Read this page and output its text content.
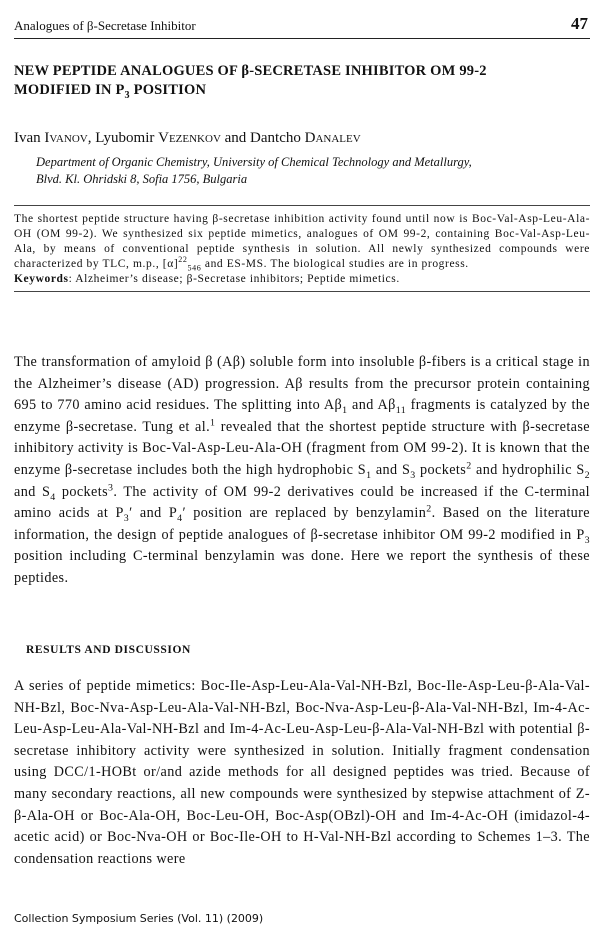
Analogues of β-Secretase Inhibitor	47
NEW PEPTIDE ANALOGUES OF β-SECRETASE INHIBITOR OM 99-2
MODIFIED IN $P_3$ POSITION
Ivan Ivanov, Lyubomir Vezenkov and Dantcho Danalev
Department of Organic Chemistry, University of Chemical Technology and Metallurgy,
Blvd. Kl. Ohridski 8, Sofia 1756, Bulgaria

The shortest peptide structure having β-secretase inhibition activity found until now is Boc-Val-Asp-Leu-Ala-OH (OM 99-2). We synthesized six peptide mimetics, analogues of OM 99-2, containing Boc-Val-Asp-Leu-Ala, by means of conventional peptide synthesis in solution. All newly synthesized compounds were characterized by TLC, m.p., $[\alpha]^{22}_{546}$ and ES-MS. The biological studies are in progress.

Keywords: Alzheimer’s disease; β-Secretase inhibitors; Peptide mimetics.

The transformation of amyloid β (Aβ) soluble form into insoluble β-fibers is a critical stage in the Alzheimer’s disease (AD) progression. Aβ results from the precursor protein containing 695 to 770 amino acid residues. The splitting into $A\beta_1$ and $A\beta_{11}$ fragments is catalyzed by the enzyme β-secretase. Tung et al.$^1$ revealed that the shortest peptide structure with β-secretase inhibitory activity is Boc-Val-Asp-Leu-Ala-OH (fragment from OM 99-2). It is known that the enzyme β-secretase includes both the high hydrophobic $S_1$ and $S_3$ pockets$^2$ and hydrophilic $S_2$ and $S_4$ pockets$^3$. The activity of OM 99-2 derivatives could be increased if the C-terminal amino acids at $P_3'$ and $P_4'$ position are replaced by benzylamin$^2$. Based on the literature information, the design of peptide analogues of β-secretase inhibitor OM 99-2 modified in $P_3$ position including C-terminal benzylamin was done. Here we report the synthesis of these peptides.

RESULTS AND DISCUSSION

A series of peptide mimetics: Boc-Ile-Asp-Leu-Ala-Val-NH-Bzl, Boc-Ile-Asp-Leu-β-Ala-Val-NH-Bzl, Boc-Nva-Asp-Leu-Ala-Val-NH-Bzl, Boc-Nva-Asp-Leu-β-Ala-Val-NH-Bzl, Im-4-Ac-Leu-Asp-Leu-Ala-Val-NH-Bzl and Im-4-Ac-Leu-Asp-Leu-β-Ala-Val-NH-Bzl with potential β-secretase inhibitory activity were synthesized in solution. Initially fragment condensation using DCC/1-HOBt or/and azide methods for all designed peptides was tried. Because of many secondary reactions, all new compounds were synthesized by stepwise attachment of Z-β-Ala-OH or Boc-Ala-OH, Boc-Leu-OH, Boc-Asp(OBzl)-OH and Im-4-Ac-OH (imidazol-4-acetic acid) or Boc-Nva-OH or Boc-Ile-OH to H-Val-NH-Bzl according to Schemes 1–3. The condensation reactions were

Collection Symposium Series (Vol. 11) (2009)
